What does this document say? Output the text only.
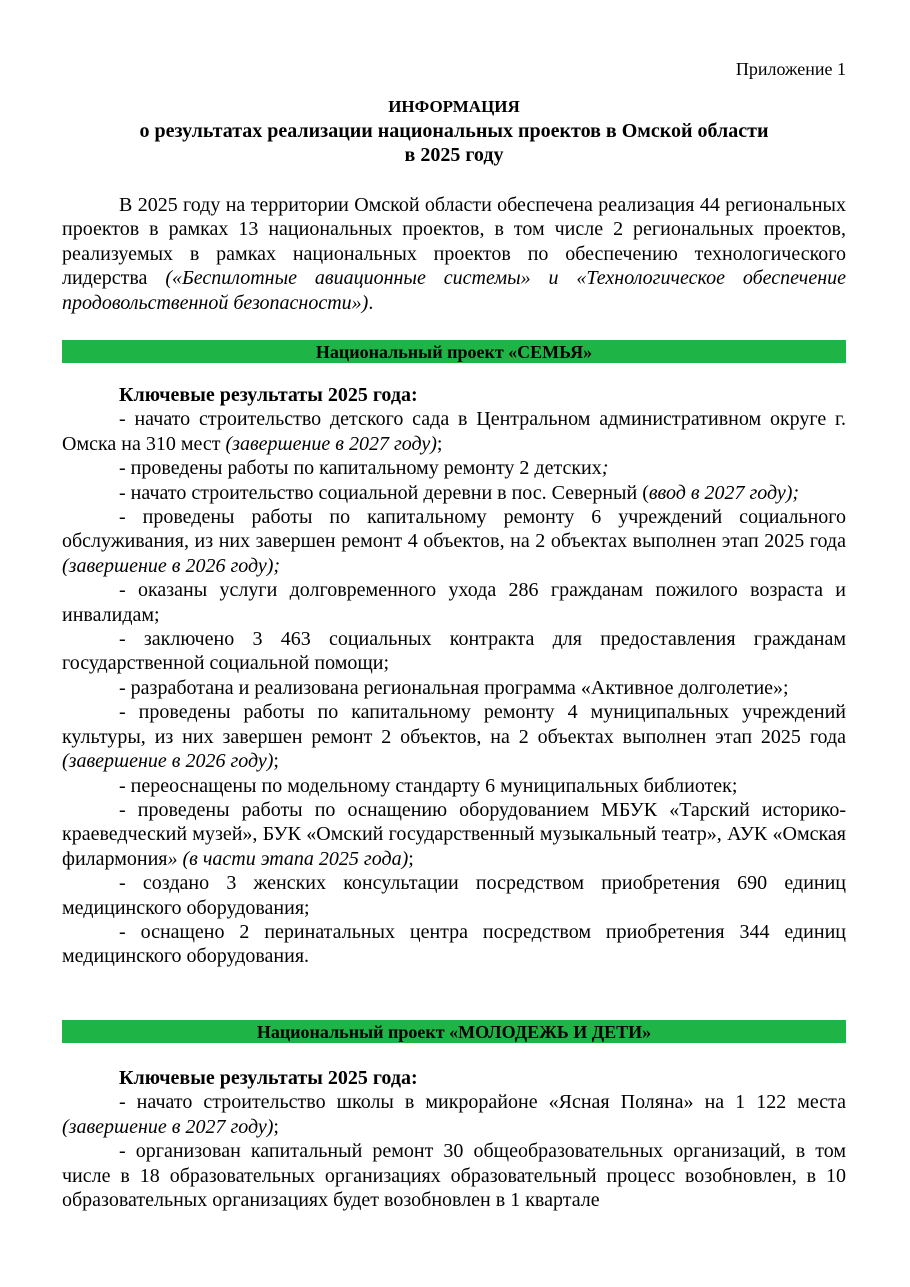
Приложение 1
ИНФОРМАЦИЯ
о результатах реализации национальных проектов в Омской области
в 2025 году

В 2025 году на территории Омской области обеспечена реализация 44 региональных проектов в рамках 13 национальных проектов, в том числе 2 региональных проектов, реализуемых в рамках национальных проектов по обеспечению технологического лидерства («Беспилотные авиационные системы» и «Технологическое обеспечение продовольственной безопасности»).

Национальный проект «СЕМЬЯ»

Ключевые результаты 2025 года:

- начато строительство детского сада в Центральном административном округе г. Омска на 310 мест (завершение в 2027 году);

- проведены работы по капитальному ремонту 2 детских;

- начато строительство социальной деревни в пос. Северный (ввод в 2027 году);

- проведены работы по капитальному ремонту 6 учреждений социального обслуживания, из них завершен ремонт 4 объектов, на 2 объектах выполнен этап 2025 года (завершение в 2026 году);

- оказаны услуги долговременного ухода 286 гражданам пожилого возраста и инвалидам;

- заключено 3 463 социальных контракта для предоставления гражданам государственной социальной помощи;

- разработана и реализована региональная программа «Активное долголетие»;

- проведены работы по капитальному ремонту 4 муниципальных учреждений культуры, из них завершен ремонт 2 объектов, на 2 объектах выполнен этап 2025 года (завершение в 2026 году);

- переоснащены по модельному стандарту 6 муниципальных библиотек;

- проведены работы по оснащению оборудованием МБУК «Тарский историко-краеведческий музей», БУК «Омский государственный музыкальный театр», АУК «Омская филармония» (в части этапа 2025 года);

- создано 3 женских консультации посредством приобретения 690 единиц медицинского оборудования;

- оснащено 2 перинатальных центра посредством приобретения 344 единиц медицинского оборудования.

Национальный проект «МОЛОДЕЖЬ И ДЕТИ»

Ключевые результаты 2025 года:

- начато строительство школы в микрорайоне «Ясная Поляна» на 1 122 места (завершение в 2027 году);

- организован капитальный ремонт 30 общеобразовательных организаций, в том числе в 18 образовательных организациях образовательный процесс возобновлен, в 10 образовательных организациях будет возобновлен в 1 квартале
